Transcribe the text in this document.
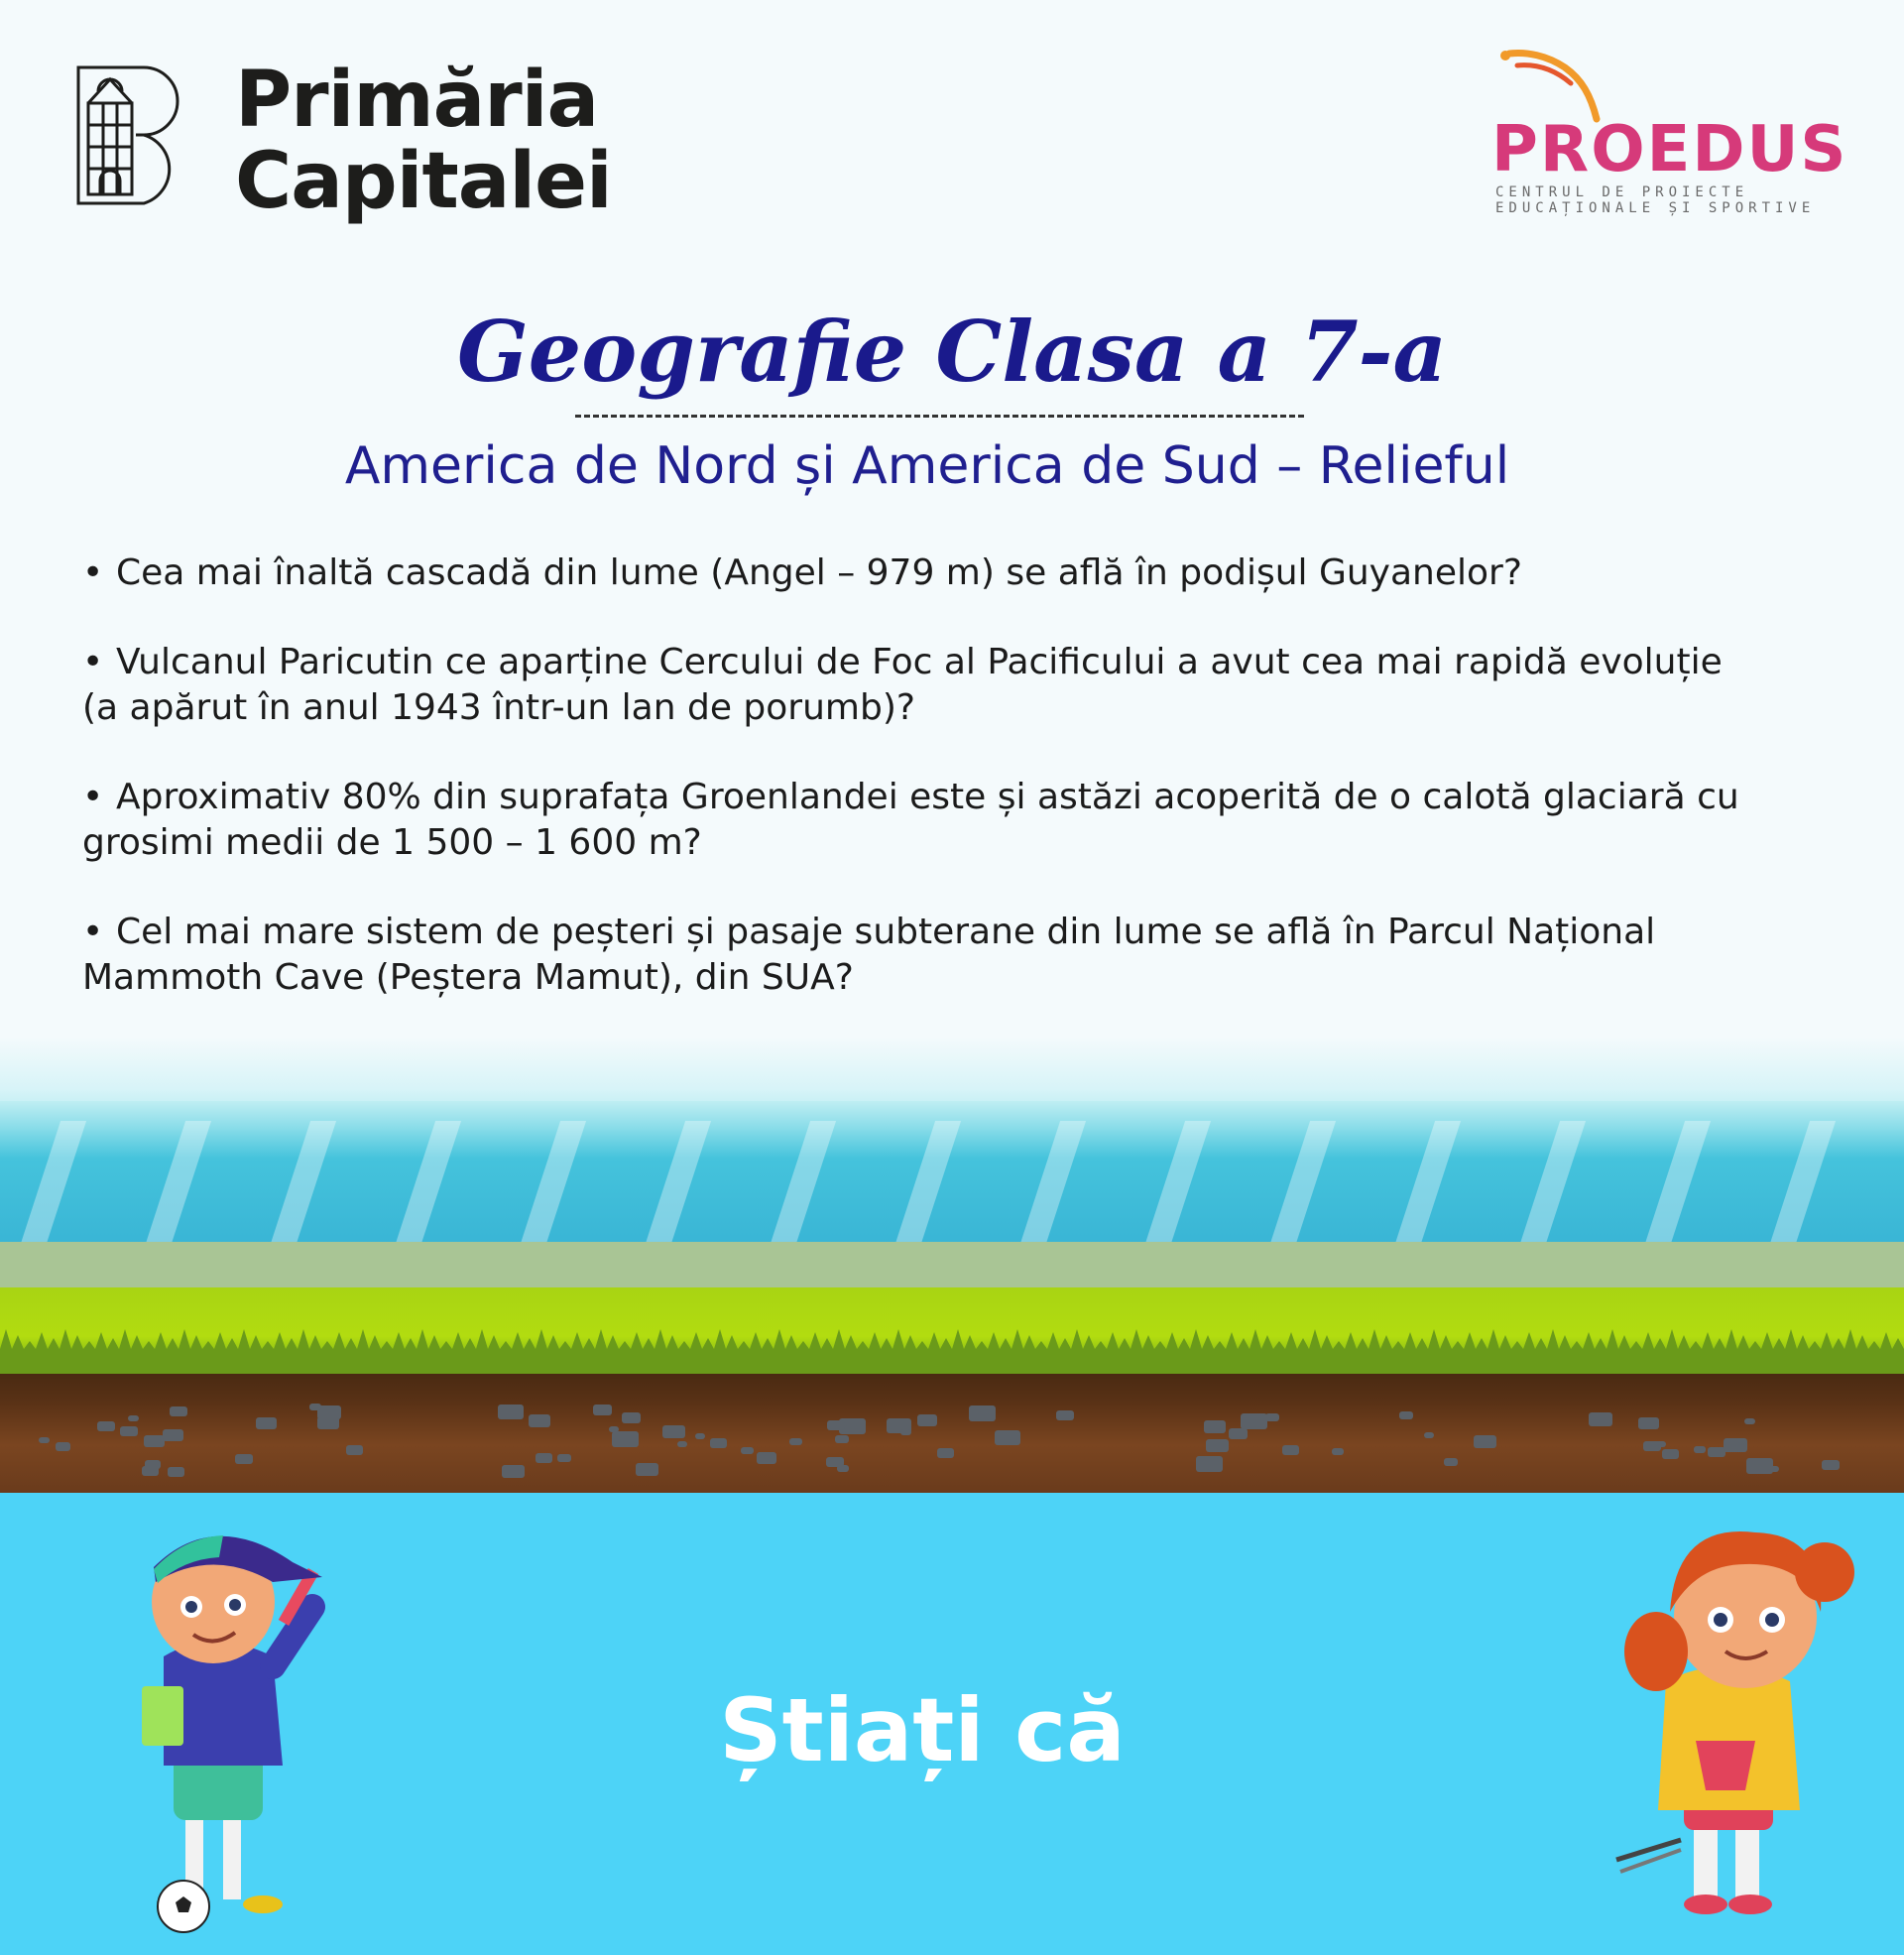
Primăria
Capitalei	PROEDUS
CENTRUL DE PROIECTE
EDUCAȚIONALE ȘI SPORTIVE
Geografie Clasa a 7-a
America de Nord și America de Sud – Relieful
• Cea mai înaltă cascadă din lume (Angel – 979 m) se află în podișul Guyanelor?
• Vulcanul Paricutin ce aparține Cercului de Foc al Pacificului a avut cea mai rapidă evoluție (a apărut în anul 1943 într-un lan de porumb)?
• Aproximativ 80% din suprafața Groenlandei este și astăzi acoperită de o calotă glaciară cu grosimi medii de 1 500 – 1 600 m?
• Cel mai mare sistem de peșteri și pasaje subterane din lume se află în Parcul Național Mammoth Cave (Peștera Mamut), din SUA?
Știați că
